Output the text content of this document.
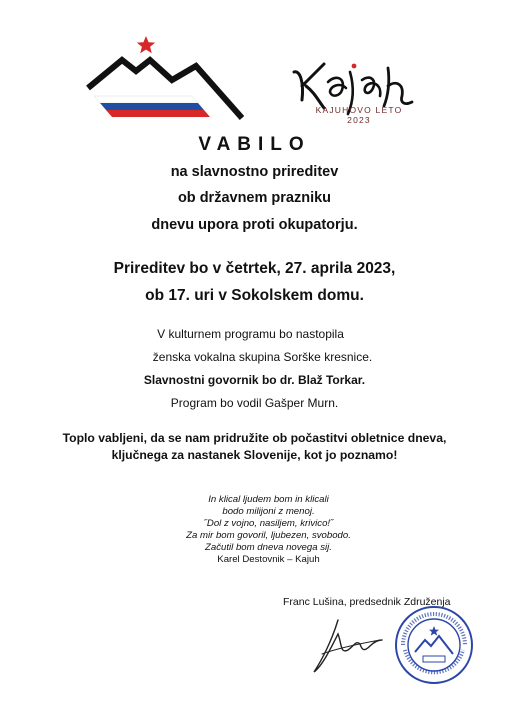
KAJUHOVO LETO 2023
VABILO
na slavnostno prireditev
ob državnem prazniku
dnevu upora proti okupatorju.
Prireditev bo v četrtek, 27. aprila 2023,
ob 17. uri v Sokolskem domu.
V kulturnem programu bo nastopila
ženska vokalna skupina Sorške kresnice.
Slavnostni govornik bo dr. Blaž Torkar.
Program bo vodil Gašper Murn.
Toplo vabljeni, da se nam pridružite ob počastitvi obletnice dneva,
ključnega za nastanek Slovenije, kot jo poznamo!
In klical ljudem bom in klicali
bodo milijoni z menoj.
˝Dol z vojno, nasiljem, krivico!˝
Za mir bom govoril, ljubezen, svobodo.
Začutil bom dneva novega sij.
Karel Destovnik – Kajuh
Franc Lušina, predsednik Združenja
